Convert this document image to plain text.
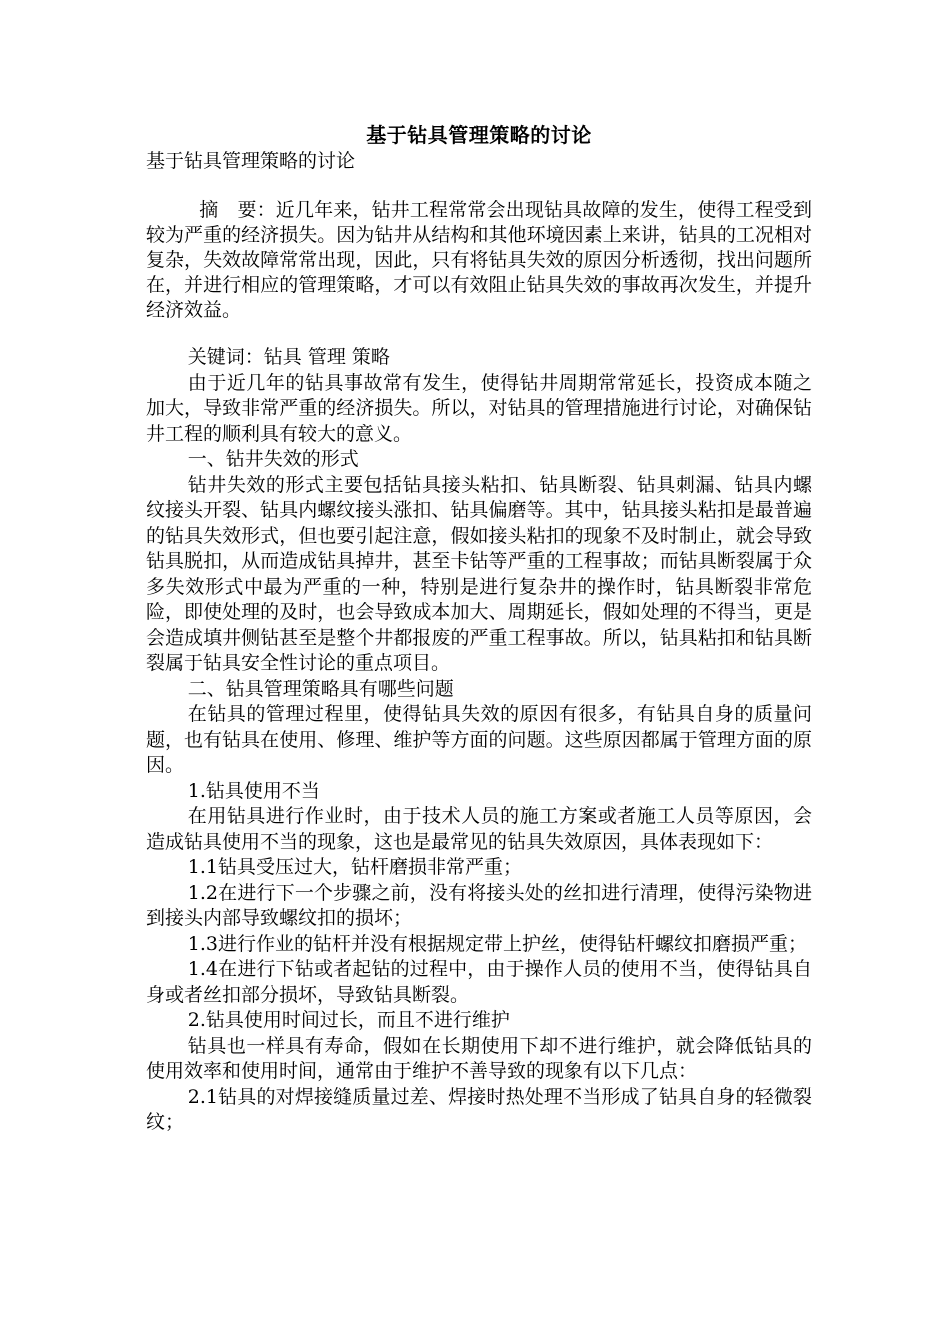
基于钻具管理策略的讨论

基于钻具管理策略的讨论

摘　要：近几年来，钻井工程常常会出现钻具故障的发生，使得工程受到较为严重的经济损失。因为钻井从结构和其他环境因素上来讲，钻具的工况相对复杂，失效故障常常出现，因此，只有将钻具失效的原因分析透彻，找出问题所在，并进行相应的管理策略，才可以有效阻止钻具失效的事故再次发生，并提升经济效益。

关键词：钻具 管理 策略

由于近几年的钻具事故常有发生，使得钻井周期常常延长，投资成本随之加大，导致非常严重的经济损失。所以，对钻具的管理措施进行讨论，对确保钻井工程的顺利具有较大的意义。

一、钻井失效的形式

钻井失效的形式主要包括钻具接头粘扣、钻具断裂、钻具刺漏、钻具内螺纹接头开裂、钻具内螺纹接头涨扣、钻具偏磨等。其中，钻具接头粘扣是最普遍的钻具失效形式，但也要引起注意，假如接头粘扣的现象不及时制止，就会导致钻具脱扣，从而造成钻具掉井，甚至卡钻等严重的工程事故；而钻具断裂属于众多失效形式中最为严重的一种，特别是进行复杂井的操作时，钻具断裂非常危险，即使处理的及时，也会导致成本加大、周期延长，假如处理的不得当，更是会造成填井侧钻甚至是整个井都报废的严重工程事故。所以，钻具粘扣和钻具断裂属于钻具安全性讨论的重点项目。

二、钻具管理策略具有哪些问题

在钻具的管理过程里，使得钻具失效的原因有很多，有钻具自身的质量问题，也有钻具在使用、修理、维护等方面的问题。这些原因都属于管理方面的原因。

1.钻具使用不当

在用钻具进行作业时，由于技术人员的施工方案或者施工人员等原因，会造成钻具使用不当的现象，这也是最常见的钻具失效原因，具体表现如下：

1.1钻具受压过大，钻杆磨损非常严重；

1.2在进行下一个步骤之前，没有将接头处的丝扣进行清理，使得污染物进到接头内部导致螺纹扣的损坏；

1.3进行作业的钻杆并没有根据规定带上护丝，使得钻杆螺纹扣磨损严重；

1.4在进行下钻或者起钻的过程中，由于操作人员的使用不当，使得钻具自身或者丝扣部分损坏，导致钻具断裂。

2.钻具使用时间过长，而且不进行维护

钻具也一样具有寿命，假如在长期使用下却不进行维护，就会降低钻具的使用效率和使用时间，通常由于维护不善导致的现象有以下几点：

2.1钻具的对焊接缝质量过差、焊接时热处理不当形成了钻具自身的轻微裂纹；
